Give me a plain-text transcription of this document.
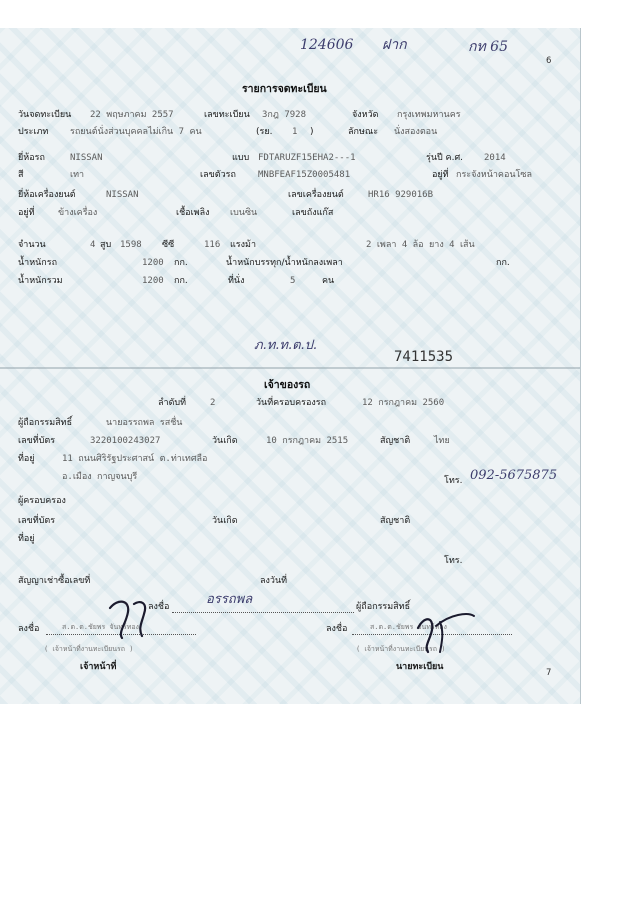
124606 ฝาก	กท 65
6
รายการจดทะเบียน
วันจดทะเบียน 22 พฤษภาคม 2557	เลขทะเบียน 3กฎ 7928	จังหวัด กรุงเทพมหานคร
ประเภท รถยนต์นั่งส่วนบุคคลไม่เกิน 7 คน	(รย. 1 )	ลักษณะ นั่งสองตอน
ยี่ห้อรถ	NISSAN	แบบ FDTARUZF15EHA2---1	รุ่นปี ค.ศ. 2014
สี	เทา	เลขตัวรถ MNBFEAF15Z0005481	อยู่ที่ กระจังหน้าคอนโซล
ยี่ห้อเครื่องยนต์	NISSAN	เลขเครื่องยนต์	HR16 929016B
อยู่ที่	ข้างเครื่อง	เชื้อเพลิง เบนซิน	เลขถังแก๊ส
จำนวน	4 สูบ 1598 ซีซี	116 แรงม้า	2 เพลา 4 ล้อ ยาง 4 เส้น
น้ำหนักรถ	1200 กก.	น้ำหนักบรรทุก/น้ำหนักลงเพลา	กก.
น้ำหนักรวม	1200 กก.	ที่นั่ง	5	คน
ภ.ท.ท.ต.ป.
7411535
เจ้าของรถ
ลำดับที่	2	วันที่ครอบครองรถ	12 กรกฎาคม 2560
ผู้ถือกรรมสิทธิ์	นายอรรถพล รสชื่น
เลขที่บัตร	3220100243027	วันเกิด	10 กรกฎาคม 2515	สัญชาติ	ไทย
ที่อยู่	11 ถนนศิริรัฐประศาสน์ ต.ท่าเทศลือ
อ.เมือง กาญจนบุรี	โทร. 092-5675875
ผู้ครอบครอง
เลขที่บัตร	วันเกิด	สัญชาติ
ที่อยู่
โทร.
สัญญาเช่าซื้อเลขที่	ลงวันที่
ลงชื่อ	อรรถพล	ผู้ถือกรรมสิทธิ์
ลงชื่อ	ส.ต.ต.ชัยพร จันทร์ทอง
( เจ้าหน้าที่งานทะเบียนรถ )
เจ้าหน้าที่
ลงชื่อ	ส.ต.ต.ชัยพร จันทร์ทอง
( เจ้าหน้าที่งานทะเบียนรถ )
นายทะเบียน
7
